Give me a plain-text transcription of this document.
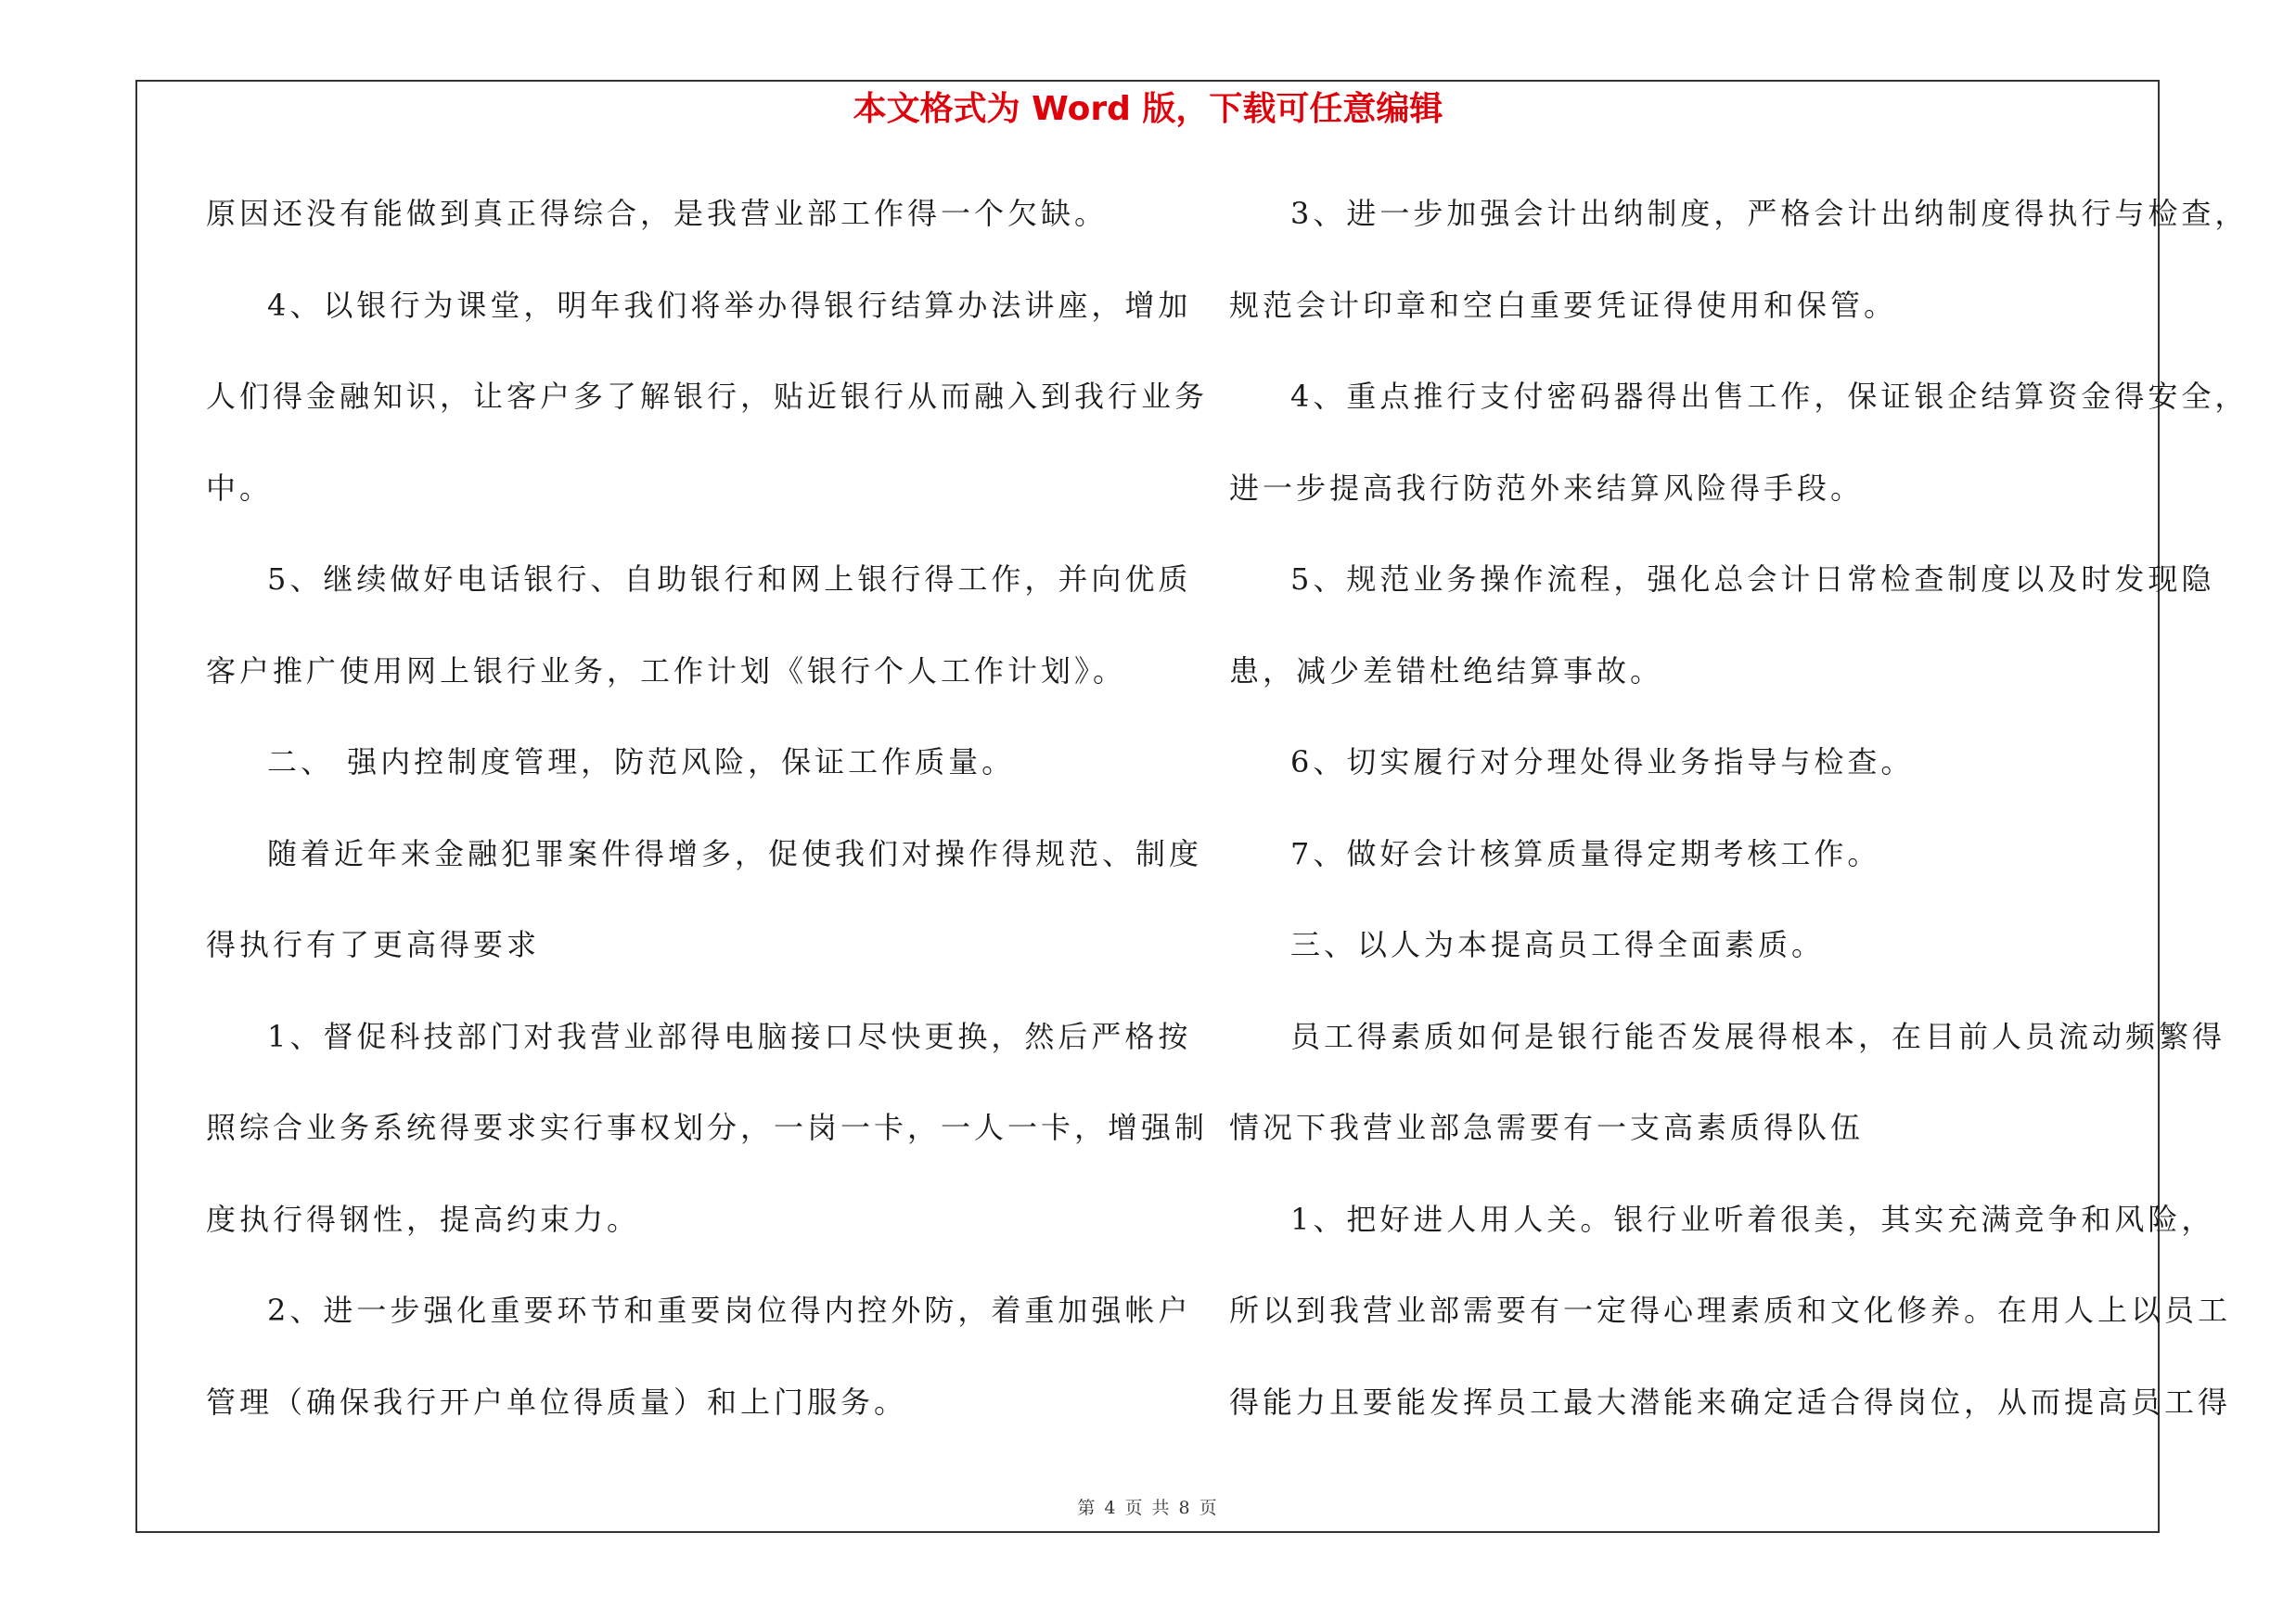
本文格式为 Word 版，下载可任意编辑
原因还没有能做到真正得综合，是我营业部工作得一个欠缺。
4、以银行为课堂，明年我们将举办得银行结算办法讲座，增加
人们得金融知识，让客户多了解银行，贴近银行从而融入到我行业务
中。
5、继续做好电话银行、自助银行和网上银行得工作，并向优质
客户推广使用网上银行业务，工作计划《银行个人工作计划》。
二、 强内控制度管理，防范风险，保证工作质量。
随着近年来金融犯罪案件得增多，促使我们对操作得规范、制度
得执行有了更高得要求
1、督促科技部门对我营业部得电脑接口尽快更换，然后严格按
照综合业务系统得要求实行事权划分，一岗一卡，一人一卡，增强制
度执行得钢性，提高约束力。
2、进一步强化重要环节和重要岗位得内控外防，着重加强帐户
管理（确保我行开户单位得质量）和上门服务。
3、进一步加强会计出纳制度，严格会计出纳制度得执行与检查，
规范会计印章和空白重要凭证得使用和保管。
4、重点推行支付密码器得出售工作，保证银企结算资金得安全，
进一步提高我行防范外来结算风险得手段。
5、规范业务操作流程，强化总会计日常检查制度以及时发现隐
患，减少差错杜绝结算事故。
6、切实履行对分理处得业务指导与检查。
7、做好会计核算质量得定期考核工作。
三、以人为本提高员工得全面素质。
员工得素质如何是银行能否发展得根本，在目前人员流动频繁得
情况下我营业部急需要有一支高素质得队伍
1、把好进人用人关。银行业听着很美，其实充满竞争和风险，
所以到我营业部需要有一定得心理素质和文化修养。在用人上以员工
得能力且要能发挥员工最大潜能来确定适合得岗位，从而提高员工得
第 4 页 共 8 页
